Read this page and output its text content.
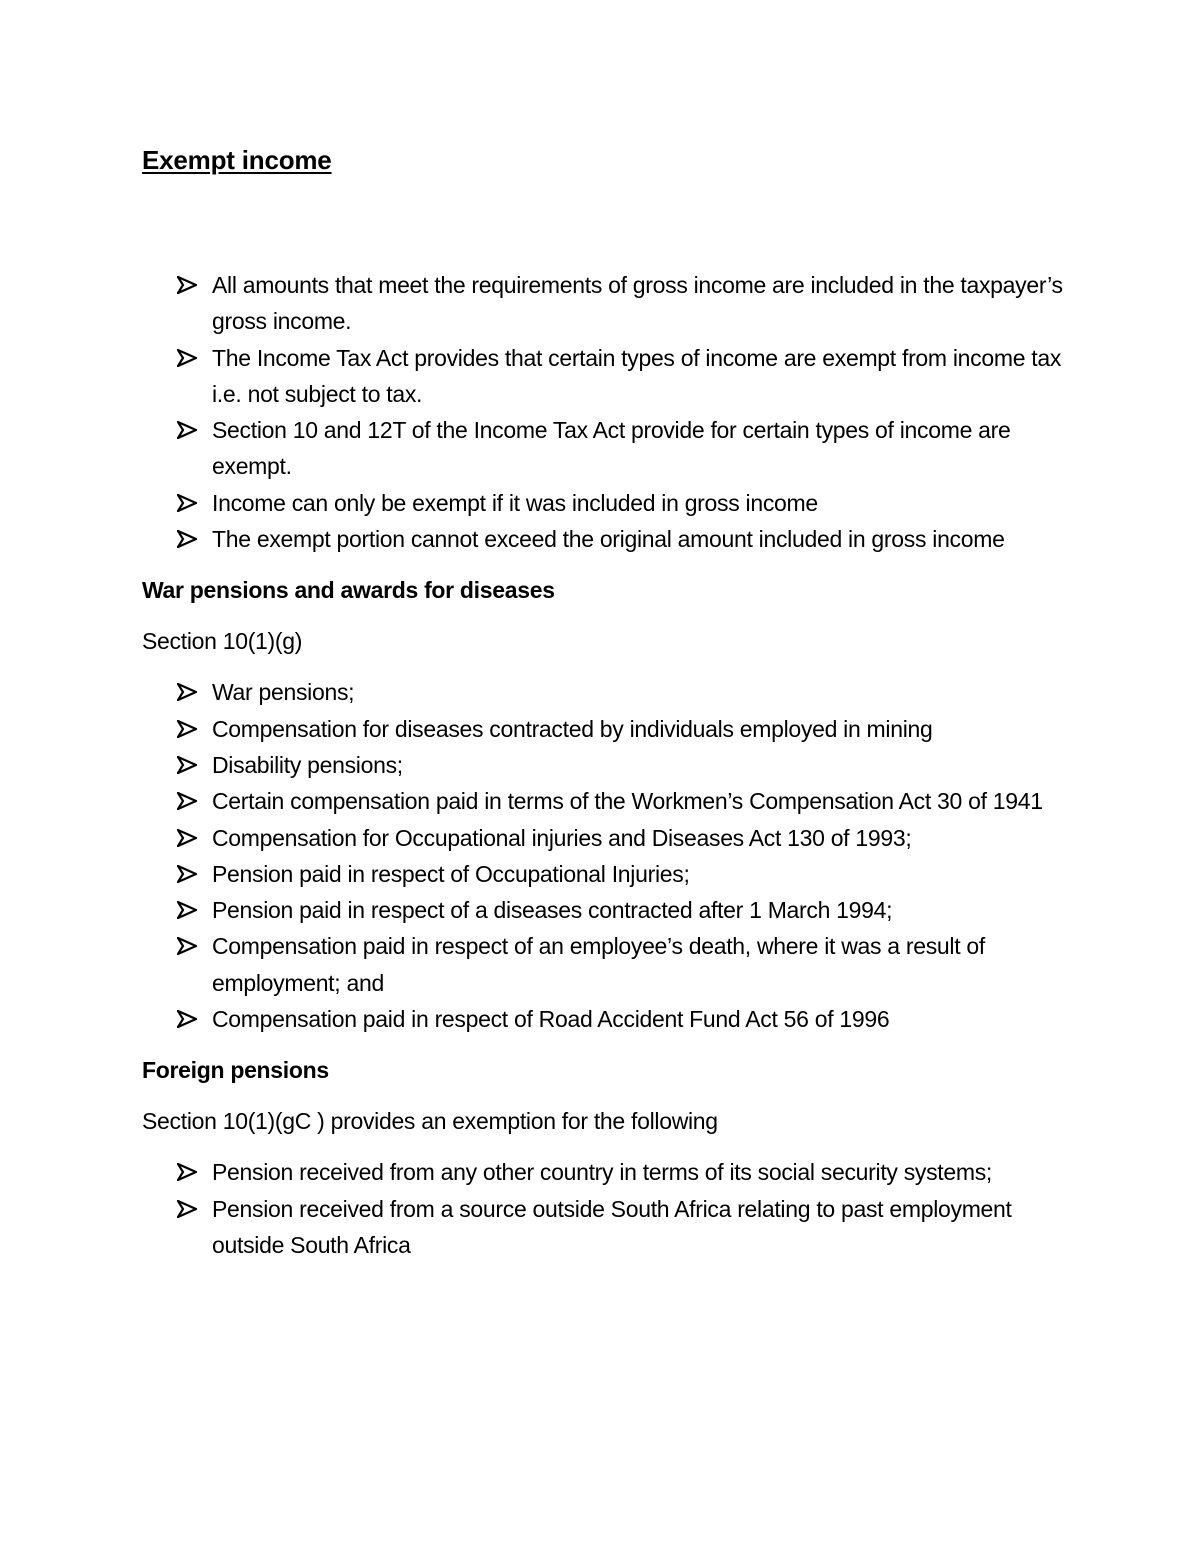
Exempt income
All amounts that meet the requirements of gross income are included in the taxpayer’s gross income.
The Income Tax Act provides that certain types of income are exempt from income tax i.e. not subject to tax.
Section 10 and 12T of the Income Tax Act provide for certain types of income are exempt.
Income can only be exempt if it was included in gross income
The exempt portion cannot exceed the original amount included in gross income
War pensions and awards for diseases

Section 10(1)(g)

War pensions;
Compensation for diseases contracted by individuals employed in mining
Disability pensions;
Certain compensation paid in terms of the Workmen’s Compensation Act 30 of 1941
Compensation for Occupational injuries and Diseases Act 130 of 1993;
Pension paid in respect of Occupational Injuries;
Pension paid in respect of a diseases contracted after 1 March 1994;
Compensation paid in respect of an employee’s death, where it was a result of employment; and
Compensation paid in respect of Road Accident Fund Act 56 of 1996
Foreign pensions

Section 10(1)(gC ) provides an exemption for the following

Pension received from any other country in terms of its social security systems;
Pension received from a source outside South Africa relating to past employment outside South Africa
